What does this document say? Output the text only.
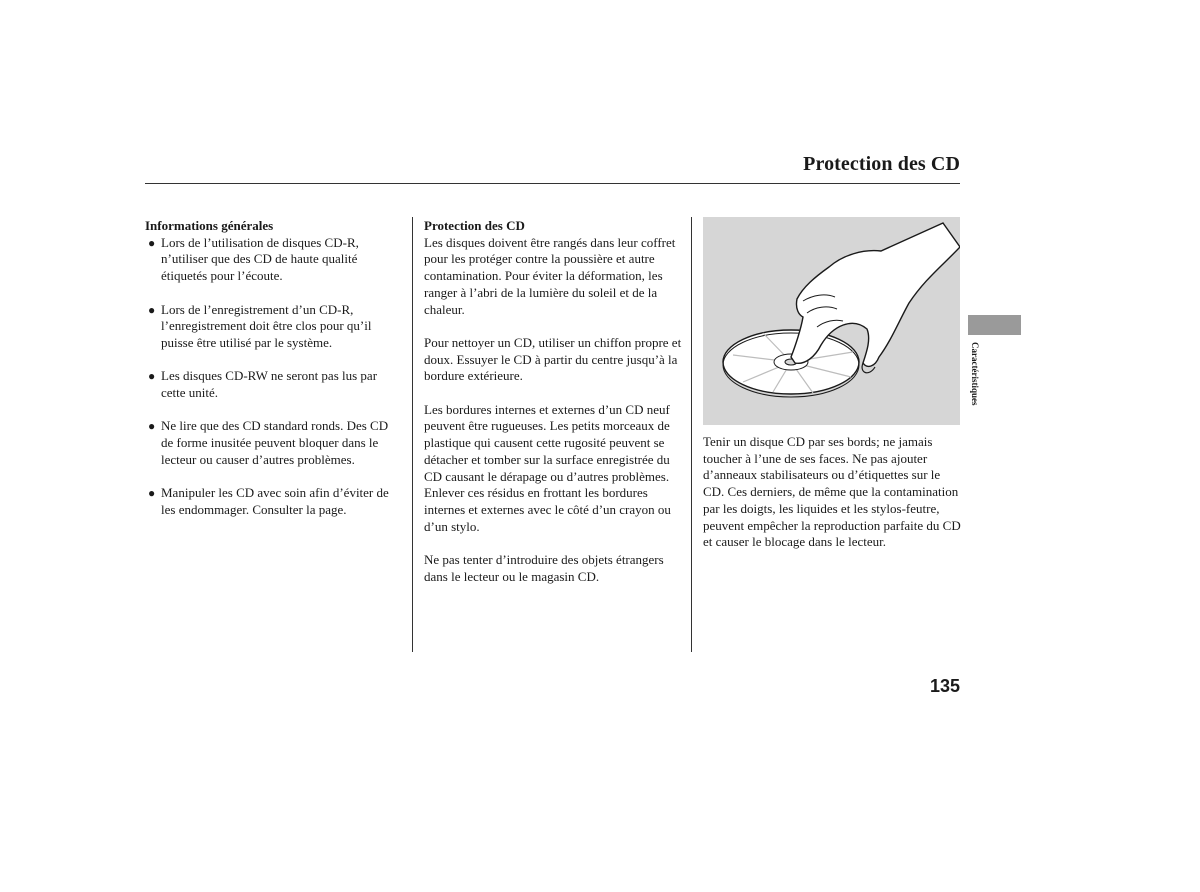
Protection des CD

Informations générales

● Lors de l’utilisation de disques CD-R, n’utiliser que des CD de haute qualité étiquetés pour l’écoute.
● Lors de l’enregistrement d’un CD-R, l’enregistrement doit être clos pour qu’il puisse être utilisé par le système.
● Les disques CD-RW ne seront pas lus par cette unité.
● Ne lire que des CD standard ronds. Des CD de forme inusitée peuvent bloquer dans le lecteur ou causer d’autres problèmes.
● Manipuler les CD avec soin afin d’éviter de les endommager. Consulter la page.

Protection des CD

Les disques doivent être rangés dans leur coffret pour les protéger contre la poussière et autre contamination. Pour éviter la déformation, les ranger à l’abri de la lumière du soleil et de la chaleur.

Pour nettoyer un CD, utiliser un chiffon propre et doux. Essuyer le CD à partir du centre jusqu’à la bordure extérieure.

Les bordures internes et externes d’un CD neuf peuvent être rugueuses. Les petits morceaux de plastique qui causent cette rugosité peuvent se détacher et tomber sur la surface enregistrée du CD causant le dérapage ou d’autres problèmes. Enlever ces résidus en frottant les bordures internes et externes avec le côté d’un crayon ou d’un stylo.

Ne pas tenter d’introduire des objets étrangers dans le lecteur ou le magasin CD.

Tenir un disque CD par ses bords; ne jamais toucher à l’une de ses faces. Ne pas ajouter d’anneaux stabilisateurs ou d’étiquettes sur le CD. Ces derniers, de même que la contamination par les doigts, les liquides et les stylos-feutre, peuvent empêcher la reproduction parfaite du CD et causer le blocage dans le lecteur.

Caractéristiques
135
